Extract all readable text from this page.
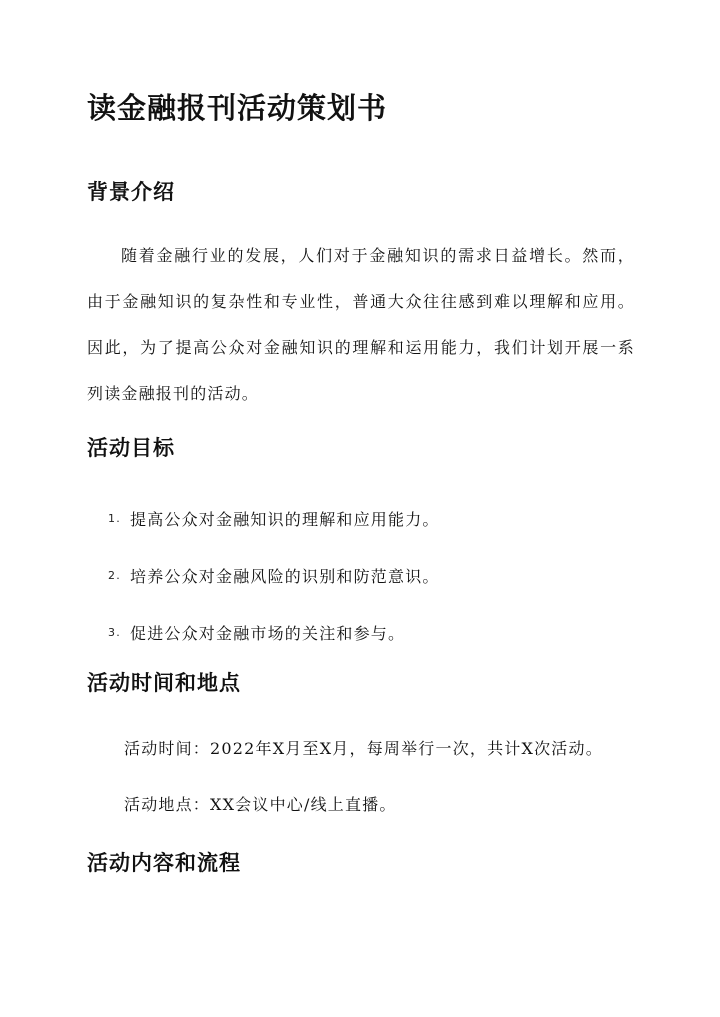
读金融报刊活动策划书
背景介绍

随着金融行业的发展，人们对于金融知识的需求日益增长。然而，由于金融知识的复杂性和专业性，普通大众往往感到难以理解和应用。因此，为了提高公众对金融知识的理解和运用能力，我们计划开展一系列读金融报刊的活动。

活动目标
1. 提高公众对金融知识的理解和应用能力。
2. 培养公众对金融风险的识别和防范意识。
3. 促进公众对金融市场的关注和参与。
活动时间和地点
活动时间：2022年X月至X月，每周举行一次，共计X次活动。
活动地点：XX会议中心/线上直播。
活动内容和流程
